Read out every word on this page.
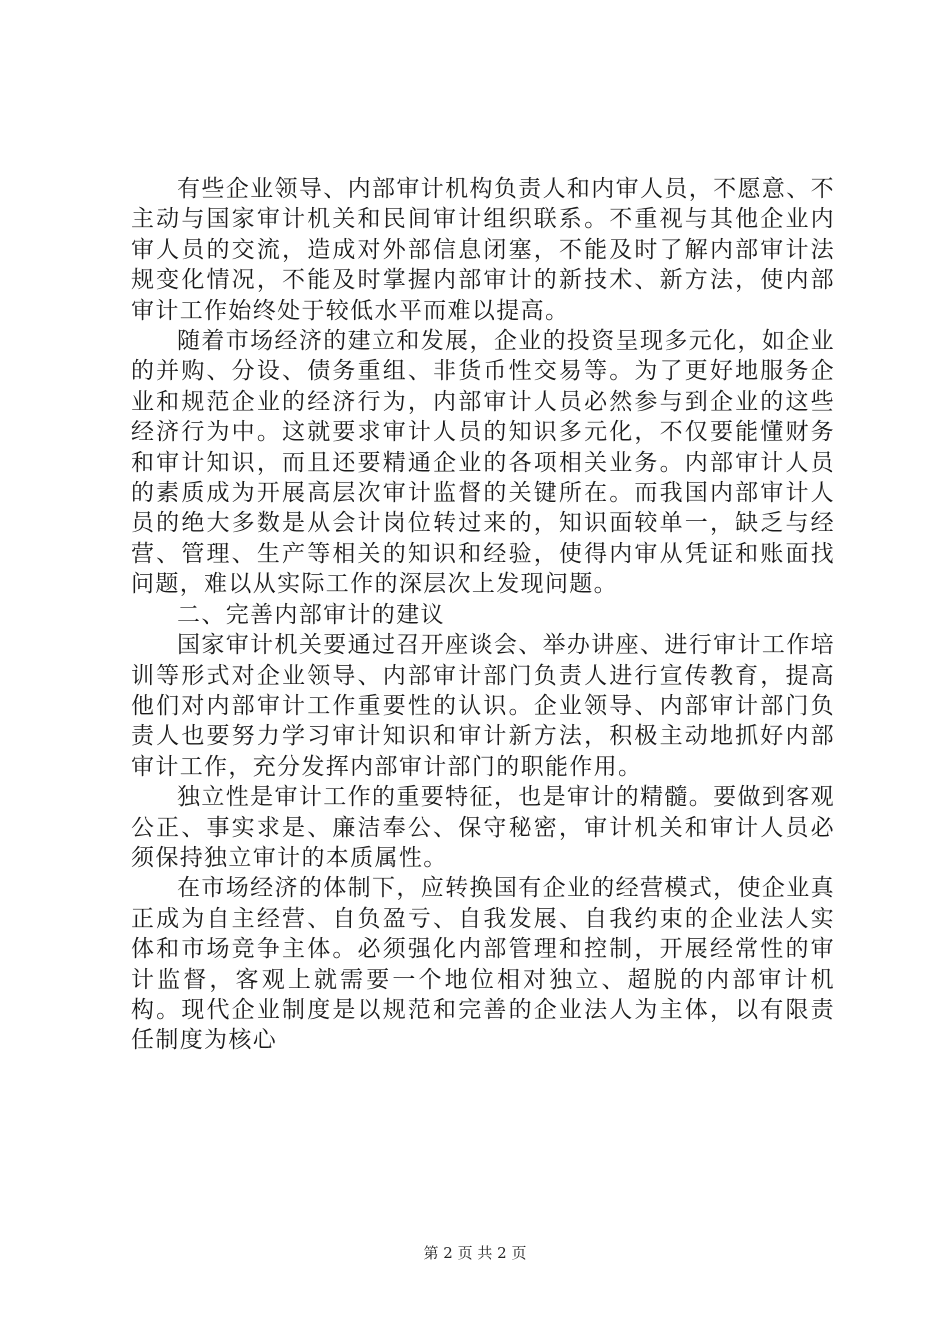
有些企业领导、内部审计机构负责人和内审人员，不愿意、不主动与国家审计机关和民间审计组织联系。不重视与其他企业内审人员的交流，造成对外部信息闭塞，不能及时了解内部审计法规变化情况，不能及时掌握内部审计的新技术、新方法，使内部审计工作始终处于较低水平而难以提高。

随着市场经济的建立和发展，企业的投资呈现多元化，如企业的并购、分设、债务重组、非货币性交易等。为了更好地服务企业和规范企业的经济行为，内部审计人员必然参与到企业的这些经济行为中。这就要求审计人员的知识多元化，不仅要能懂财务和审计知识，而且还要精通企业的各项相关业务。内部审计人员的素质成为开展高层次审计监督的关键所在。而我国内部审计人员的绝大多数是从会计岗位转过来的，知识面较单一，缺乏与经营、管理、生产等相关的知识和经验，使得内审从凭证和账面找问题，难以从实际工作的深层次上发现问题。

二、完善内部审计的建议

国家审计机关要通过召开座谈会、举办讲座、进行审计工作培训等形式对企业领导、内部审计部门负责人进行宣传教育，提高他们对内部审计工作重要性的认识。企业领导、内部审计部门负责人也要努力学习审计知识和审计新方法，积极主动地抓好内部审计工作，充分发挥内部审计部门的职能作用。

独立性是审计工作的重要特征，也是审计的精髓。要做到客观公正、事实求是、廉洁奉公、保守秘密，审计机关和审计人员必须保持独立审计的本质属性。

在市场经济的体制下，应转换国有企业的经营模式，使企业真正成为自主经营、自负盈亏、自我发展、自我约束的企业法人实体和市场竞争主体。必须强化内部管理和控制，开展经常性的审计监督，客观上就需要一个地位相对独立、超脱的内部审计机构。现代企业制度是以规范和完善的企业法人为主体，以有限责任制度为核心

第 2 页 共 2 页
